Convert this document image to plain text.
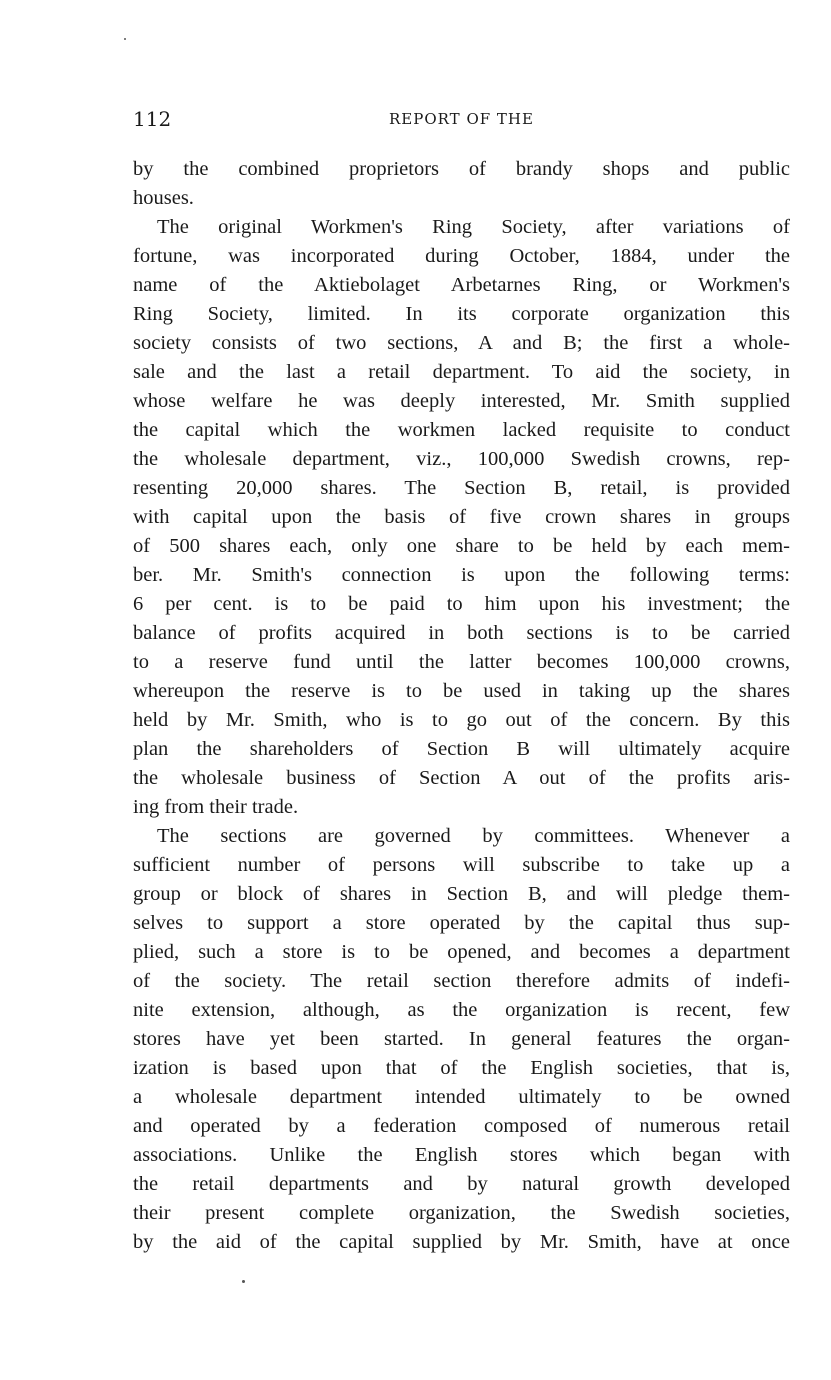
112	REPORT OF THE

by the combined proprietors of brandy shops and public
houses.

The original Workmen's Ring Society, after variations of
fortune, was incorporated during October, 1884, under the
name of the Aktiebolaget Arbetarnes Ring, or Workmen's
Ring Society, limited. In its corporate organization this
society consists of two sections, A and B; the first a whole-
sale and the last a retail department. To aid the society, in
whose welfare he was deeply interested, Mr. Smith supplied
the capital which the workmen lacked requisite to conduct
the wholesale department, viz., 100,000 Swedish crowns, rep-
resenting 20,000 shares. The Section B, retail, is provided
with capital upon the basis of five crown shares in groups
of 500 shares each, only one share to be held by each mem-
ber. Mr. Smith's connection is upon the following terms:
6 per cent. is to be paid to him upon his investment; the
balance of profits acquired in both sections is to be carried
to a reserve fund until the latter becomes 100,000 crowns,
whereupon the reserve is to be used in taking up the shares
held by Mr. Smith, who is to go out of the concern. By this
plan the shareholders of Section B will ultimately acquire
the wholesale business of Section A out of the profits aris-
ing from their trade.

The sections are governed by committees. Whenever a
sufficient number of persons will subscribe to take up a
group or block of shares in Section B, and will pledge them-
selves to support a store operated by the capital thus sup-
plied, such a store is to be opened, and becomes a department
of the society. The retail section therefore admits of indefi-
nite extension, although, as the organization is recent, few
stores have yet been started. In general features the organ-
ization is based upon that of the English societies, that is,
a wholesale department intended ultimately to be owned
and operated by a federation composed of numerous retail
associations. Unlike the English stores which began with
the retail departments and by natural growth developed
their present complete organization, the Swedish societies,
by the aid of the capital supplied by Mr. Smith, have at once
